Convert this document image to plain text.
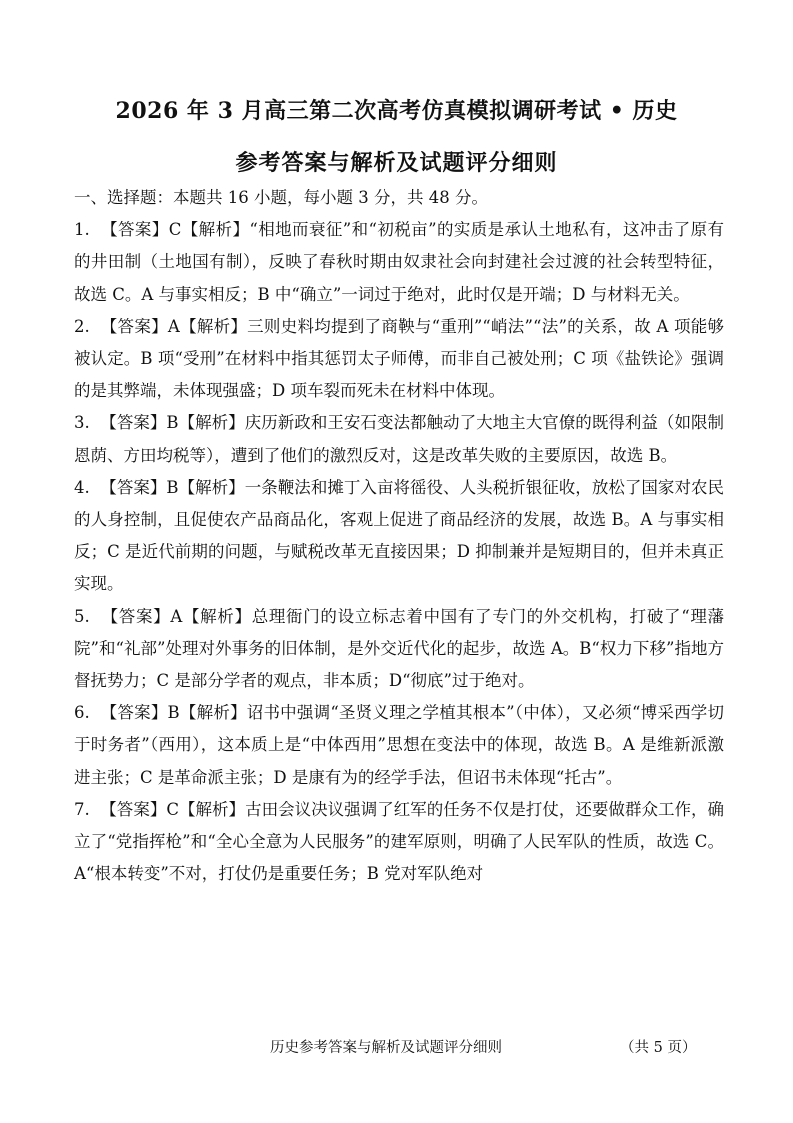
2026 年 3 月高三第二次高考仿真模拟调研考试 • 历史
参考答案与解析及试题评分细则
一、选择题：本题共 16 小题，每小题 3 分，共 48 分。
1. 【答案】C【解析】“相地而衰征”和“初税亩”的实质是承认土地私有，这冲击了原有的井田制（土地国有制），反映了春秋时期由奴隶社会向封建社会过渡的社会转型特征，故选 C。A 与事实相反；B 中“确立”一词过于绝对，此时仅是开端；D 与材料无关。
2. 【答案】A【解析】三则史料均提到了商鞅与“重刑”“峭法”“法”的关系，故 A 项能够被认定。B 项“受刑”在材料中指其惩罚太子师傅，而非自己被处刑；C 项《盐铁论》强调的是其弊端，未体现强盛；D 项车裂而死未在材料中体现。
3. 【答案】B【解析】庆历新政和王安石变法都触动了大地主大官僚的既得利益（如限制恩荫、方田均税等），遭到了他们的激烈反对，这是改革失败的主要原因，故选 B。
4. 【答案】B【解析】一条鞭法和摊丁入亩将徭役、人头税折银征收，放松了国家对农民的人身控制，且促使农产品商品化，客观上促进了商品经济的发展，故选 B。A 与事实相反；C 是近代前期的问题，与赋税改革无直接因果；D 抑制兼并是短期目的，但并未真正实现。
5. 【答案】A【解析】总理衙门的设立标志着中国有了专门的外交机构，打破了“理藩院”和“礼部”处理对外事务的旧体制，是外交近代化的起步，故选 A。B“权力下移”指地方督抚势力；C 是部分学者的观点，非本质；D“彻底”过于绝对。
6. 【答案】B【解析】诏书中强调“圣贤义理之学植其根本”（中体），又必须“博采西学切于时务者”（西用），这本质上是“中体西用”思想在变法中的体现，故选 B。A 是维新派激进主张；C 是革命派主张；D 是康有为的经学手法，但诏书未体现“托古”。
7. 【答案】C【解析】古田会议决议强调了红军的任务不仅是打仗，还要做群众工作，确立了“党指挥枪”和“全心全意为人民服务”的建军原则，明确了人民军队的性质，故选 C。A“根本转变”不对，打仗仍是重要任务；B 党对军队绝对
历史参考答案与解析及试题评分细则	（共 5 页）
